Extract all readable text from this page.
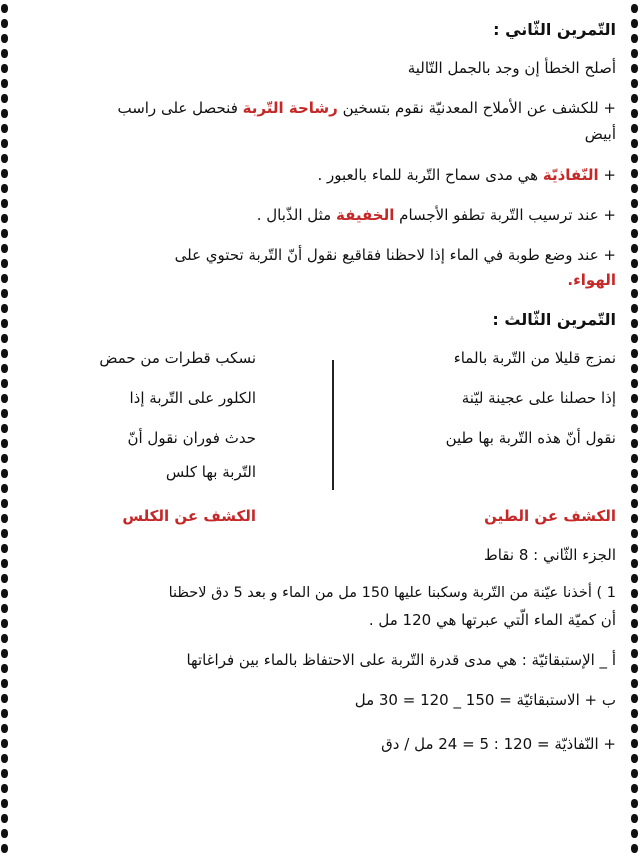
التّمرين الثّاني :
أصلح الخطأ إن وجد بالجمل التّالية
+ للكشف عن الأملاح المعدنيّة نقوم بتسخين رشاحة التّربة فنحصل على راسب
أبيض
+ النّفاذيّة هي مدى سماح التّربة للماء بالعبور .
+ عند ترسيب التّربة تطفو الأجسام الخفيفة مثل الذّبال .
+ عند وضع طوبة في الماء إذا لاحظنا فقاقيع نقول أنّ التّربة تحتوي على
الهواء.
التّمرين الثّالث :
نمزج قليلا من التّربة بالماء
إذا حصلنا على عجينة ليّنة
نقول أنّ هذه التّربة بها طين
نسكب قطرات من حمض
الكلور على التّربة إذا
حدث فوران نقول أنّ
التّربة بها كلس
الكشف عن الطين
الكشف عن الكلس
الجزء الثّاني : 8 نقاط
1 ) أخذنا عيّنة من التّربة وسكبنا عليها 150 مل من الماء و بعد 5 دق لاحظنا
أن كميّة الماء الّتي عبرتها هي 120 مل .
أ _ الإستبقائيّة : هي مدى قدرة التّربة على الاحتفاظ بالماء بين فراغاتها
ب + الاستبقائيّة = 150 _ 120 = 30 مل
+ النّفاذيّة = 120 : 5 = 24 مل / دق
